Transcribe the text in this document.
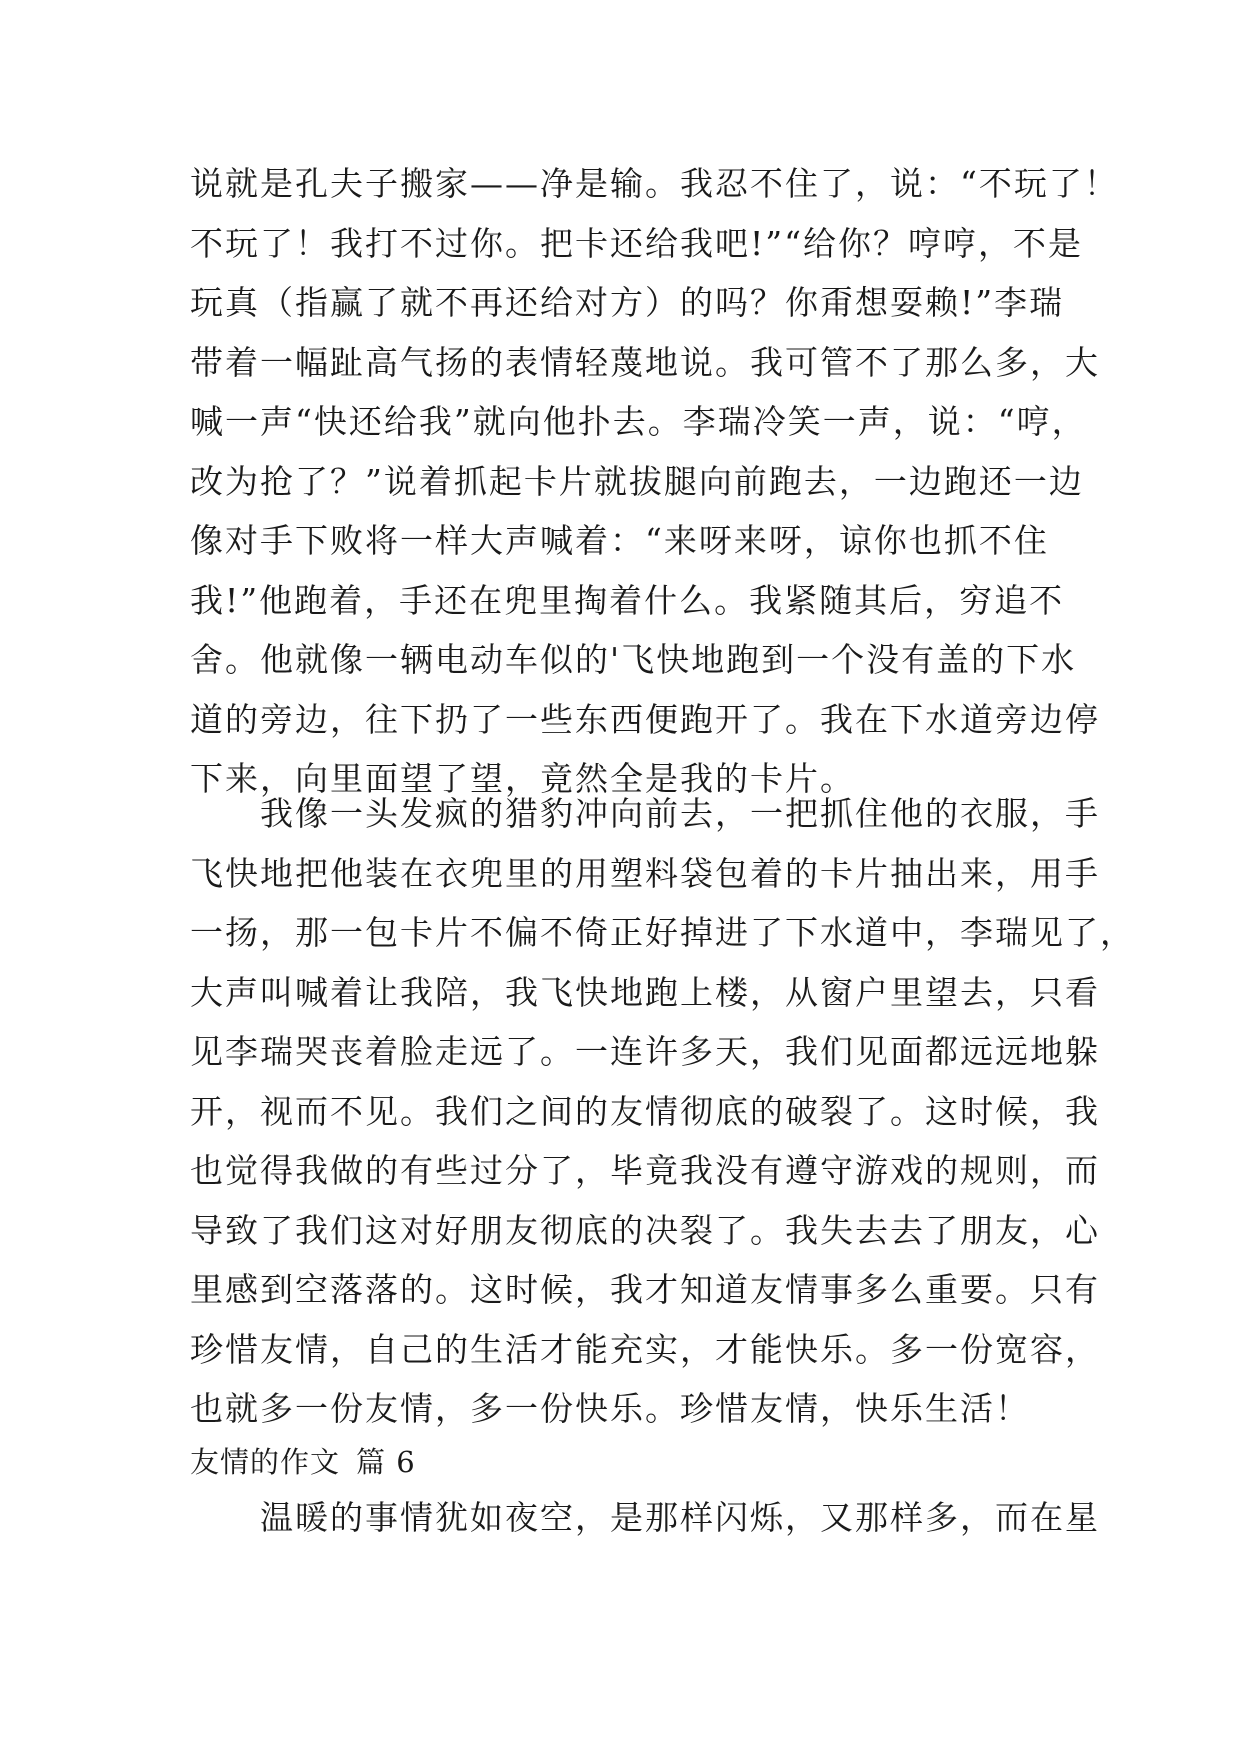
说就是孔夫子搬家——净是输。我忍不住了，说：“不玩了！
不玩了！我打不过你。把卡还给我吧!”“给你？哼哼，不是
玩真（指赢了就不再还给对方）的吗？你甭想耍赖!”李瑞
带着一幅趾高气扬的表情轻蔑地说。我可管不了那么多，大
喊一声“快还给我”就向他扑去。李瑞冷笑一声，说：“哼，
改为抢了？”说着抓起卡片就拔腿向前跑去，一边跑还一边
像对手下败将一样大声喊着：“来呀来呀，谅你也抓不住
我!”他跑着，手还在兜里掏着什么。我紧随其后，穷追不
舍。他就像一辆电动车似的'飞快地跑到一个没有盖的下水
道的旁边，往下扔了一些东西便跑开了。我在下水道旁边停
下来，向里面望了望，竟然全是我的卡片。
　　我像一头发疯的猎豹冲向前去，一把抓住他的衣服，手
飞快地把他装在衣兜里的用塑料袋包着的卡片抽出来，用手
一扬，那一包卡片不偏不倚正好掉进了下水道中，李瑞见了，
大声叫喊着让我陪，我飞快地跑上楼，从窗户里望去，只看
见李瑞哭丧着脸走远了。一连许多天，我们见面都远远地躲
开，视而不见。我们之间的友情彻底的破裂了。这时候，我
也觉得我做的有些过分了，毕竟我没有遵守游戏的规则，而
导致了我们这对好朋友彻底的决裂了。我失去去了朋友，心
里感到空落落的。这时候，我才知道友情事多么重要。只有
珍惜友情，自己的生活才能充实，才能快乐。多一份宽容，
也就多一份友情，多一份快乐。珍惜友情，快乐生活！
友情的作文 篇 6
　　温暖的事情犹如夜空，是那样闪烁，又那样多，而在星
